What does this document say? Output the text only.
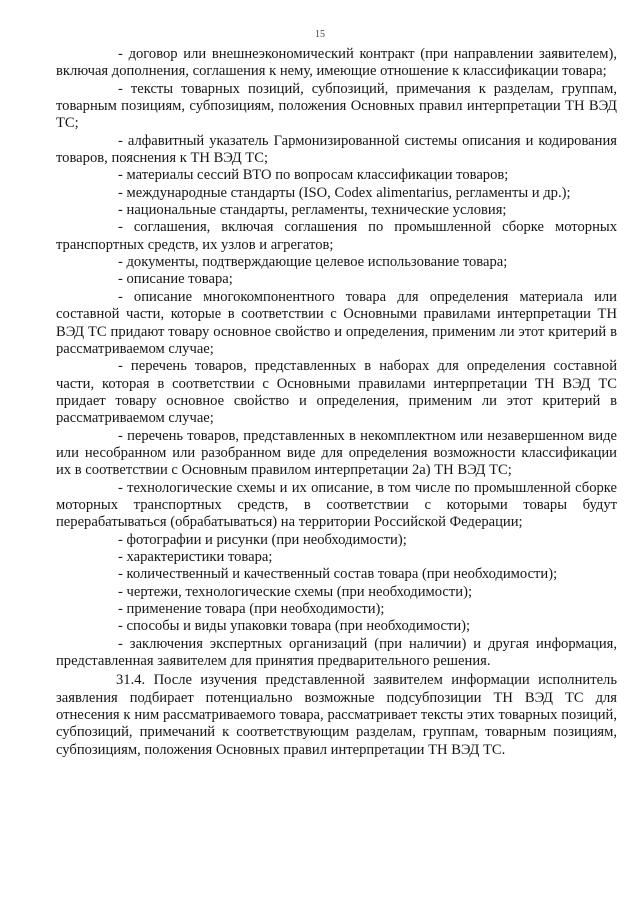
15

- договор или внешнеэкономический контракт (при направлении заявителем), включая дополнения, соглашения к нему, имеющие отношение к классификации товара;

- тексты товарных позиций, субпозиций, примечания к разделам, группам, товарным позициям, субпозициям, положения Основных правил интерпретации ТН ВЭД ТС;

- алфавитный указатель Гармонизированной системы описания и кодирования товаров, пояснения к ТН ВЭД ТС;

- материалы сессий ВТО по вопросам классификации товаров;

- международные стандарты (ISO, Codex alimentarius, регламенты и др.);

- национальные стандарты, регламенты, технические условия;

- соглашения, включая соглашения по промышленной сборке моторных транспортных средств, их узлов и агрегатов;

- документы, подтверждающие целевое использование товара;

- описание товара;

- описание многокомпонентного товара для определения материала или составной части, которые в соответствии с Основными правилами интерпретации ТН ВЭД ТС придают товару основное свойство и определения, применим ли этот критерий в рассматриваемом случае;

- перечень товаров, представленных в наборах для определения составной части, которая в соответствии с Основными правилами интерпретации ТН ВЭД ТС придает товару основное свойство и определения, применим ли этот критерий в рассматриваемом случае;

- перечень товаров, представленных в некомплектном или незавершенном виде или несобранном или разобранном виде для определения возможности классификации их в соответствии с Основным правилом интерпретации 2а) ТН ВЭД ТС;

- технологические схемы и их описание, в том числе по промышленной сборке моторных транспортных средств, в соответствии с которыми товары будут перерабатываться (обрабатываться) на территории Российской Федерации;

- фотографии и рисунки (при необходимости);

- характеристики товара;

- количественный и качественный состав товара (при необходимости);

- чертежи, технологические схемы (при необходимости);

- применение товара (при необходимости);

- способы и виды упаковки товара (при необходимости);

- заключения экспертных организаций (при наличии) и другая информация, представленная заявителем для принятия предварительного решения.

31.4. После изучения представленной заявителем информации исполнитель заявления подбирает потенциально возможные подсубпозиции ТН ВЭД ТС для отнесения к ним рассматриваемого товара, рассматривает тексты этих товарных позиций, субпозиций, примечаний к соответствующим разделам, группам, товарным позициям, субпозициям, положения Основных правил интерпретации ТН ВЭД ТС.
